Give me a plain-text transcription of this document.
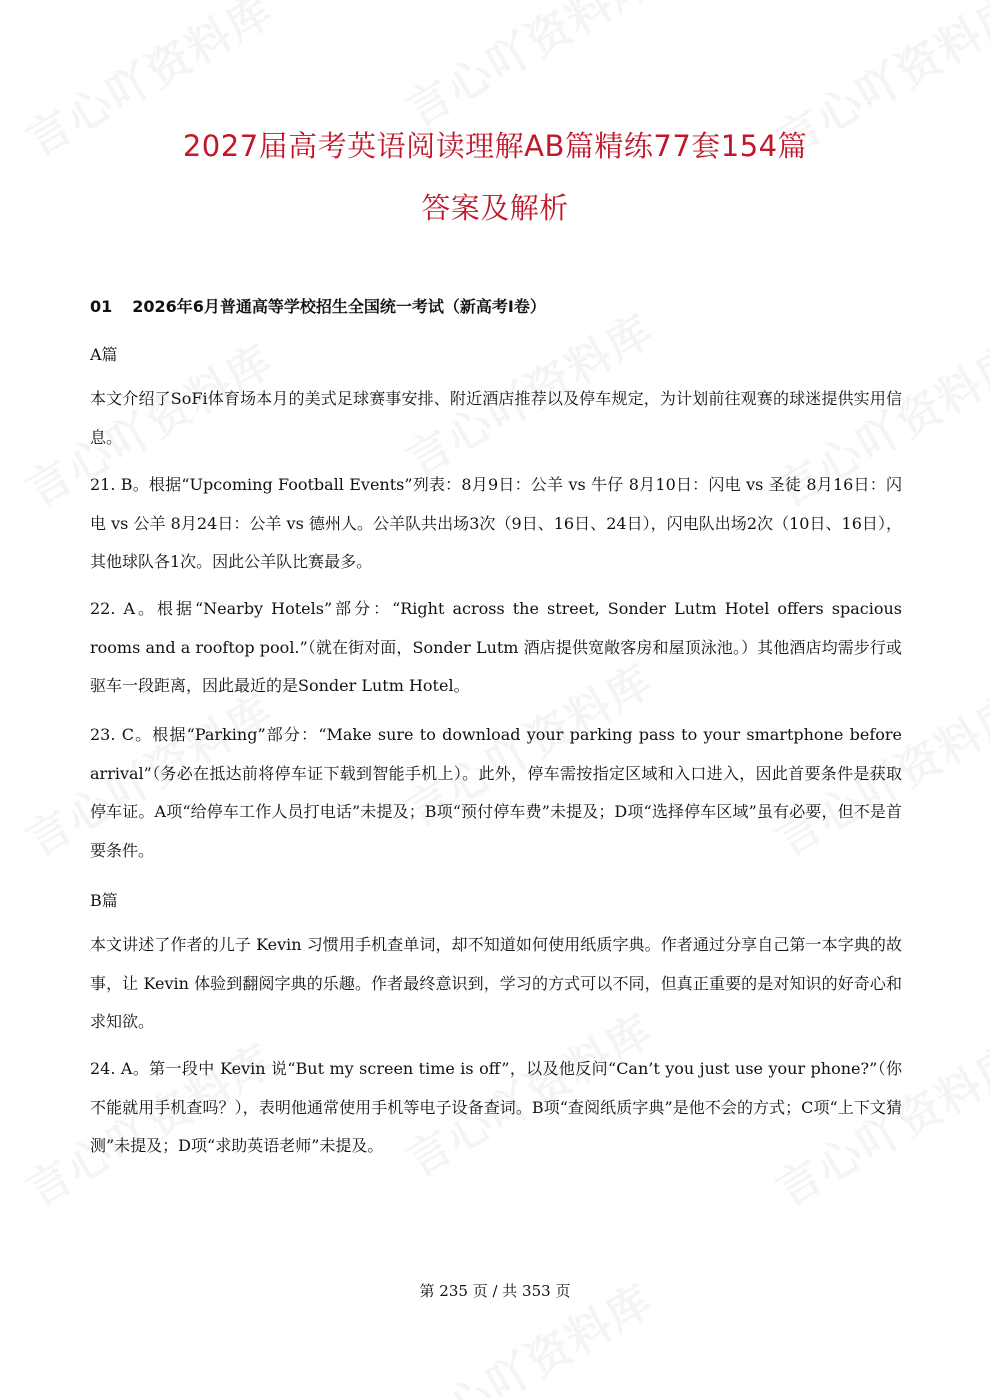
2027届高考英语阅读理解AB篇精练77套154篇
答案及解析
01 2026年6月普通高等学校招生全国统一考试（新高考I卷）
A篇

本文介绍了SoFi体育场本月的美式足球赛事安排、附近酒店推荐以及停车规定，为计划前往观赛的球迷提供实用信息。

21. B。根据“Upcoming Football Events”列表：8月9日：公羊 vs 牛仔 8月10日：闪电 vs 圣徒 8月16日：闪电 vs 公羊 8月24日：公羊 vs 德州人。公羊队共出场3次（9日、16日、24日），闪电队出场2次（10日、16日），其他球队各1次。因此公羊队比赛最多。

22. A。根据“Nearby Hotels”部分：“Right across the street, Sonder Lutm Hotel offers spacious rooms and a rooftop pool.”（就在街对面，Sonder Lutm 酒店提供宽敞客房和屋顶泳池。）其他酒店均需步行或驱车一段距离，因此最近的是Sonder Lutm Hotel。

23. C。根据“Parking”部分：“Make sure to download your parking pass to your smartphone before arrival”（务必在抵达前将停车证下载到智能手机上）。此外，停车需按指定区域和入口进入，因此首要条件是获取停车证。A项“给停车工作人员打电话”未提及；B项“预付停车费”未提及；D项“选择停车区域”虽有必要，但不是首要条件。

B篇

本文讲述了作者的儿子 Kevin 习惯用手机查单词，却不知道如何使用纸质字典。作者通过分享自己第一本字典的故事，让 Kevin 体验到翻阅字典的乐趣。作者最终意识到，学习的方式可以不同，但真正重要的是对知识的好奇心和求知欲。

24. A。第一段中 Kevin 说“But my screen time is off”，以及他反问“Can’t you just use your phone?”（你不能就用手机查吗？），表明他通常使用手机等电子设备查词。B项“查阅纸质字典”是他不会的方式；C项“上下文猜测”未提及；D项“求助英语老师”未提及。

第 235 页 / 共 353 页
